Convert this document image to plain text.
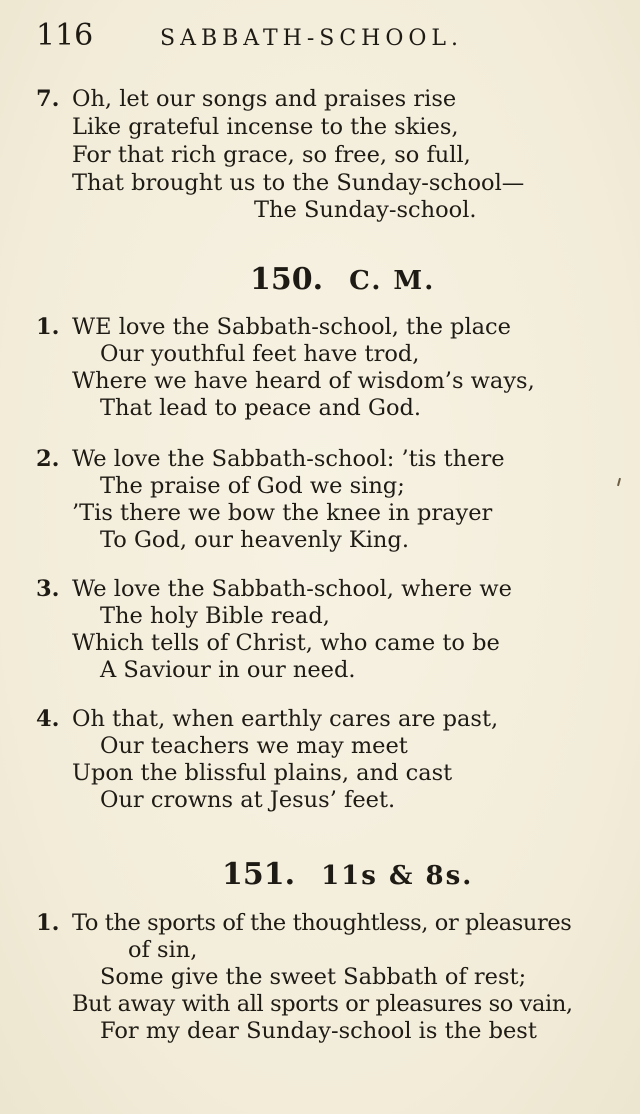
116	SABBATH-SCHOOL.
7. Oh, let our songs and praises rise
Like grateful incense to the skies,
For that rich grace, so free, so full,
That brought us to the Sunday-school—
The Sunday-school.
150. C. M.
1. WE love the Sabbath-school, the place
Our youthful feet have trod,
Where we have heard of wisdom’s ways,
That lead to peace and God.
2. We love the Sabbath-school: ’tis there
The praise of God we sing;
’Tis there we bow the knee in prayer
To God, our heavenly King.
3. We love the Sabbath-school, where we
The holy Bible read,
Which tells of Christ, who came to be
A Saviour in our need.
4. Oh that, when earthly cares are past,
Our teachers we may meet
Upon the blissful plains, and cast
Our crowns at Jesus’ feet.
151. 11s & 8s.
1. To the sports of the thoughtless, or pleasures
of sin,
Some give the sweet Sabbath of rest;
But away with all sports or pleasures so vain,
For my dear Sunday-school is the best
